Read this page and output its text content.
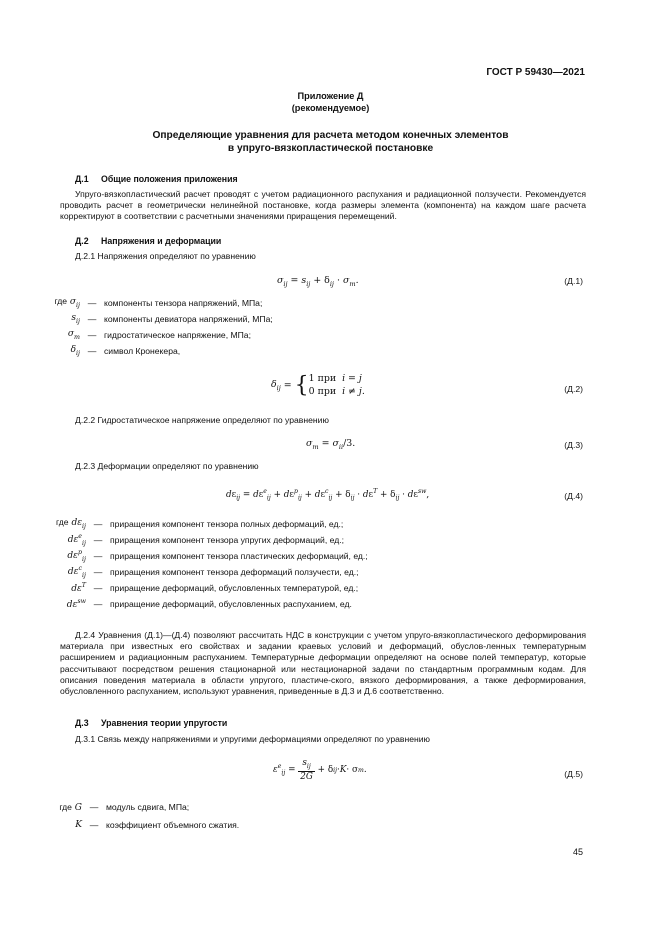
ГОСТ Р 59430—2021
Приложение Д
(рекомендуемое)
Определяющие уравнения для расчета методом конечных элементов
в упруго-вязкопластической постановке
Д.1 Общие положения приложения

Упруго-вязкопластический расчет проводят с учетом радиационного распухания и радиационной ползучести. Рекомендуется проводить расчет в геометрически нелинейной постановке, когда размеры элемента (компонента) на каждом шаге расчета корректируют в соответствии с расчетными значениями приращения перемещений.

Д.2 Напряжения и деформации
Д.2.1 Напряжения определяют по уравнению
$\sigma_{ij} = s_{ij} + \delta_{ij} \cdot \sigma_m$.	(Д.1)
где $\sigma_{ij}$ — компоненты тензора напряжений, МПа;
$s_{ij}$ — компоненты девиатора напряжений, МПа;
$\sigma_m$ — гидростатическое напряжение, МПа;
$\delta_{ij}$ — символ Кронекера,
$\delta_{ij}$ = { 1 при i = j
0 при i ≠ j.	(Д.2)
Д.2.2 Гидростатическое напряжение определяют по уравнению
$\sigma_m = \sigma_{ii}/3$.	(Д.3)
Д.2.3 Деформации определяют по уравнению
$d\varepsilon_{ij} = d\varepsilon^e_{ij} + d\varepsilon^p_{ij} + d\varepsilon^c_{ij} + \delta_{ij} \cdot d\varepsilon^T + \delta_{ij} \cdot d\varepsilon^{sw}$,	(Д.4)
где $d\varepsilon_{ij}$ — приращения компонент тензора полных деформаций, ед.;
$d\varepsilon^e_{ij}$ — приращения компонент тензора упругих деформаций, ед.;
$d\varepsilon^p_{ij}$ — приращения компонент тензора пластических деформаций, ед.;
$d\varepsilon^c_{ij}$ — приращения компонент тензора деформаций ползучести, ед.;
$d\varepsilon^T$ — приращение деформаций, обусловленных температурой, ед.;
$d\varepsilon^{sw}$ — приращение деформаций, обусловленных распуханием, ед.

Д.2.4 Уравнения (Д.1)—(Д.4) позволяют рассчитать НДС в конструкции с учетом упруго-вязкопластического деформирования материала при известных его свойствах и задании краевых условий и деформаций, обуслов-ленных температурным расширением и радиационным распуханием. Температурные деформации определяют на основе полей температур, которые рассчитывают посредством решения стационарной или нестационарной задачи по стандартным программным кодам. Для описания поведения материала в области упругого, пластиче-ского, вязкого деформирования, а также деформирования, обусловленного распуханием, используют уравнения, приведенные в Д.3 и Д.6 соответственно.

Д.3 Уравнения теории упругости
Д.3.1 Связь между напряжениями и упругими деформациями определяют по уравнению
$\varepsilon^e_{ij} = \frac{s_{ij}}{2G} + \delta$ ij · K · σ m .	(Д.5)
где G — модуль сдвига, МПа;
K — коэффициент объемного сжатия.
45
